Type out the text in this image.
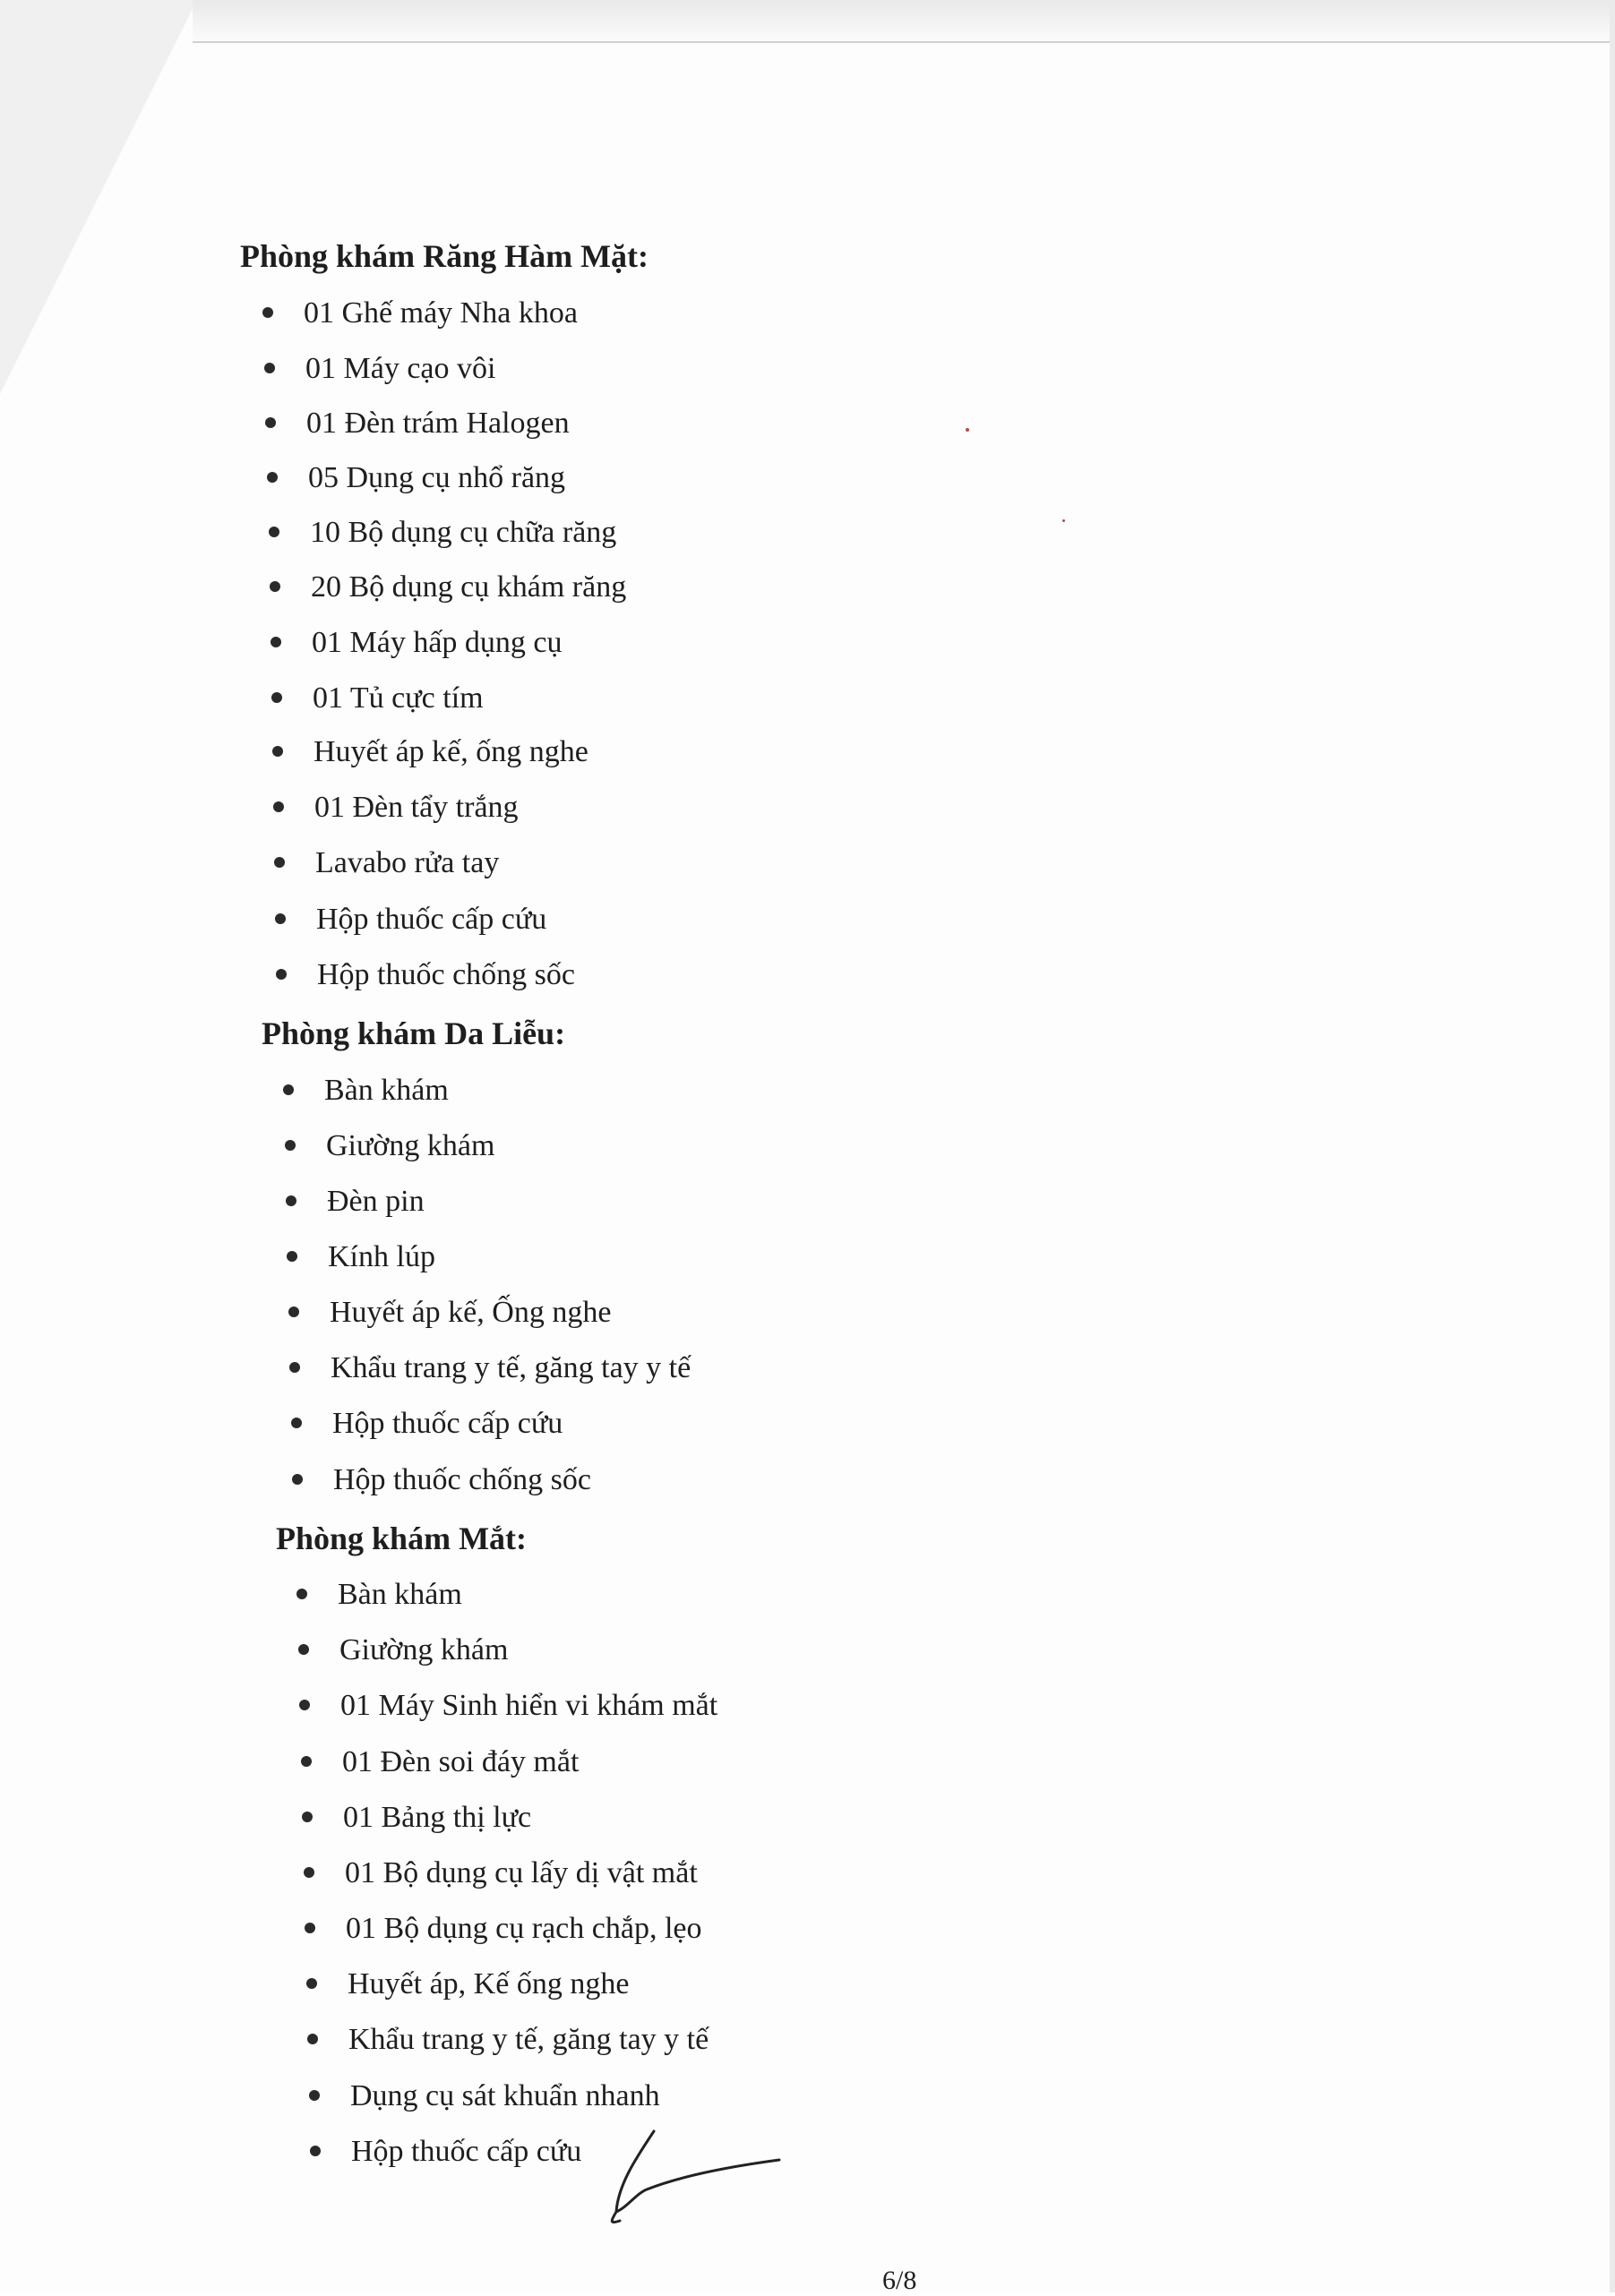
Phòng khám Răng Hàm Mặt:
01 Ghế máy Nha khoa
01 Máy cạo vôi
01 Đèn trám Halogen
05 Dụng cụ nhổ răng
10 Bộ dụng cụ chữa răng
20 Bộ dụng cụ khám răng
01 Máy hấp dụng cụ
01 Tủ cực tím
Huyết áp kế, ống nghe
01 Đèn tẩy trắng
Lavabo rửa tay
Hộp thuốc cấp cứu
Hộp thuốc chống sốc
Phòng khám Da Liễu:
Bàn khám
Giường khám
Đèn pin
Kính lúp
Huyết áp kế, Ống nghe
Khẩu trang y tế, găng tay y tế
Hộp thuốc cấp cứu
Hộp thuốc chống sốc
Phòng khám Mắt:
Bàn khám
Giường khám
01 Máy Sinh hiển vi khám mắt
01 Đèn soi đáy mắt
01 Bảng thị lực
01 Bộ dụng cụ lấy dị vật mắt
01 Bộ dụng cụ rạch chắp, lẹo
Huyết áp, Kế ống nghe
Khẩu trang y tế, găng tay y tế
Dụng cụ sát khuẩn nhanh
Hộp thuốc cấp cứu
6/8
